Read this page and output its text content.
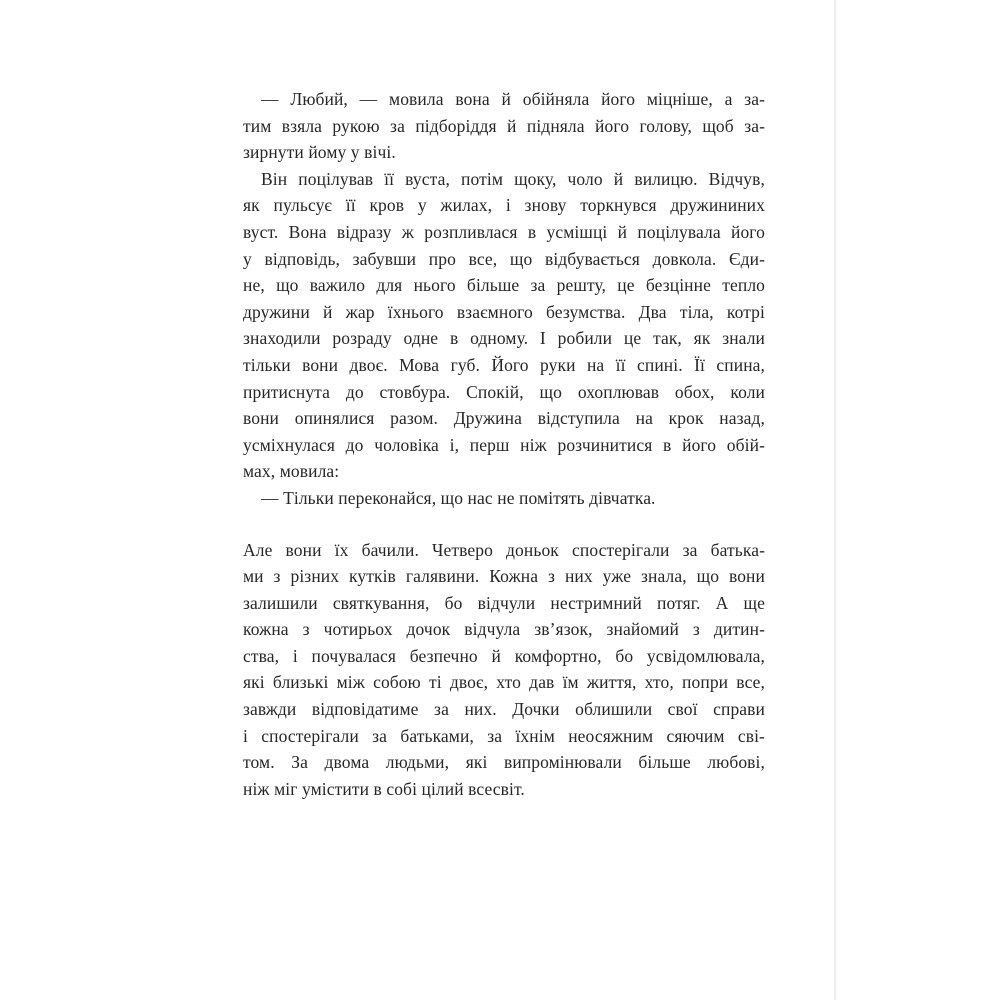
— Любий, — мовила вона й обійняла його міцніше, а за-
тим взяла рукою за підборіддя й підняла його голову, щоб за-
зирнути йому у вічі.
Він поцілував її вуста, потім щоку, чоло й вилицю. Відчув,
як пульсує її кров у жилах, і знову торкнувся дружининих
вуст. Вона відразу ж розпливлася в усмішці й поцілувала його
у відповідь, забувши про все, що відбувається довкола. Єди-
не, що важило для нього більше за решту, це безцінне тепло
дружини й жар їхнього взаємного безумства. Два тіла, котрі
знаходили розраду одне в одному. І робили це так, як знали
тільки вони двоє. Мова губ. Його руки на її спині. Її спина,
притиснута до стовбура. Спокій, що охоплював обох, коли
вони опинялися разом. Дружина відступила на крок назад,
усміхнулася до чоловіка і, перш ніж розчинитися в його обій-
мах, мовила:
— Тільки переконайся, що нас не помітять дівчатка.
Але вони їх бачили. Четверо доньок спостерігали за батька-
ми з різних кутків галявини. Кожна з них уже знала, що вони
залишили святкування, бо відчули нестримний потяг. А ще
кожна з чотирьох дочок відчула зв’язок, знайомий з дитин-
ства, і почувалася безпечно й комфортно, бо усвідомлювала,
які близькі між собою ті двоє, хто дав їм життя, хто, попри все,
завжди відповідатиме за них. Дочки облишили свої справи
і спостерігали за батьками, за їхнім неосяжним сяючим сві-
том. За двома людьми, які випромінювали більше любові,
ніж міг умістити в собі цілий всесвіт.
